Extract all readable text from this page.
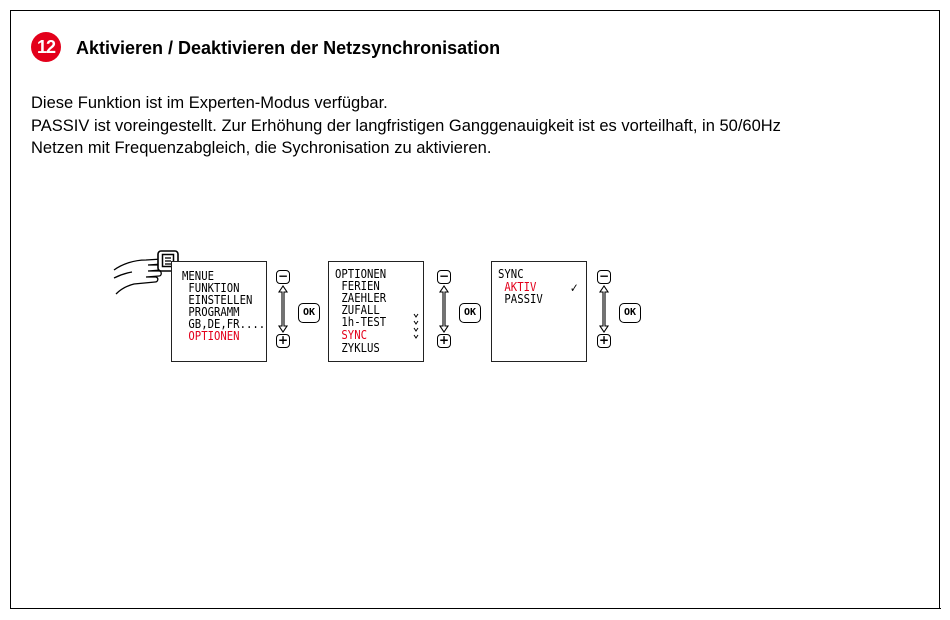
12	Aktivieren / Deaktivieren der Netzsynchronisation
Diese Funktion ist im Experten-Modus verfügbar.
PASSIV ist voreingestellt. Zur Erhöhung der langfristigen Ganggenauigkeit ist es vorteilhaft, in 50/60Hz
Netzen mit Frequenzabgleich, die Sychronisation zu aktivieren.
MENUE
FUNKTION
EINSTELLEN
PROGRAMM
GB,DE,FR....
OPTIONEN
−
+
OK
OPTIONEN
FERIEN
ZAEHLER
ZUFALL
1h-TEST
SYNC
ZYKLUS
−
+
OK
SYNC
AKTIV
PASSIV
✓
−
+
OK
